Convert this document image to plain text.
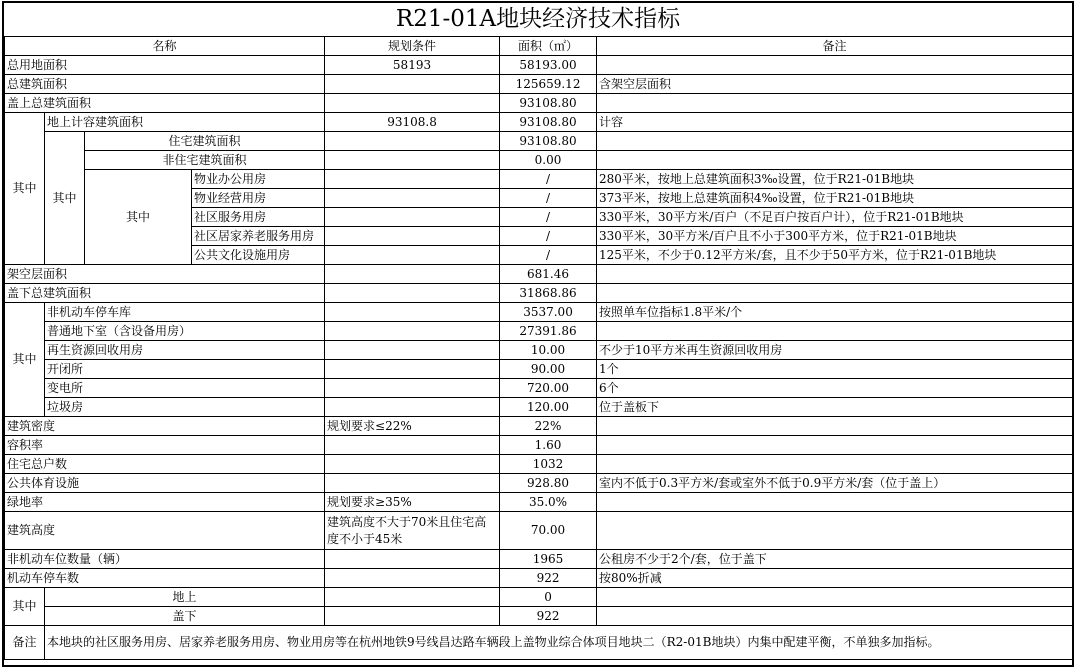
R21-01A地块经济技术指标
名称				规划条件	面积（㎡）	备注
总用地面积				58193	58193.00	
总建筑面积					125659.12	含架空层面积
盖上总建筑面积					93108.80	
其中	地上计容建筑面积			93108.8	93108.80	计容
	其中	住宅建筑面积			93108.80	
		非住宅建筑面积			0.00	
		其中	物业办公用房		/	280平米，按地上总建筑面积3‰设置，位于R21-01B地块
			物业经营用房		/	373平米，按地上总建筑面积4‰设置，位于R21-01B地块
			社区服务用房		/	330平米，30平方米/百户（不足百户按百户计），位于R21-01B地块
			社区居家养老服务用房		/	330平米，30平方米/百户且不小于300平方米，位于R21-01B地块
			公共文化设施用房		/	125平米，不少于0.12平方米/套，且不少于50平方米，位于R21-01B地块
架空层面积					681.46	
盖下总建筑面积					31868.86	
其中	非机动车停车库				3537.00	按照单车位指标1.8平米/个
	普通地下室（含设备用房）				27391.86	
	再生资源回收用房				10.00	不少于10平方米再生资源回收用房
	开闭所				90.00	1个
	变电所				720.00	6个
	垃圾房				120.00	位于盖板下
建筑密度				规划要求≤22%	22%	
容积率					1.60	
住宅总户数					1032	
公共体育设施					928.80	室内不低于0.3平方米/套或室外不低于0.9平方米/套（位于盖上）
绿地率				规划要求≥35%	35.0%	
建筑高度				建筑高度不大于70米且住宅高度不小于45米	70.00	
非机动车位数量（辆）					1965	公租房不少于2个/套，位于盖下
机动车停车数					922	按80%折减
其中	地上				0	
	盖下				922	
备注	本地块的社区服务用房、居家养老服务用房、物业用房等在杭州地铁9号线昌达路车辆段上盖物业综合体项目地块二（R2-01B地块）内集中配建平衡，不单独多加指标。					
